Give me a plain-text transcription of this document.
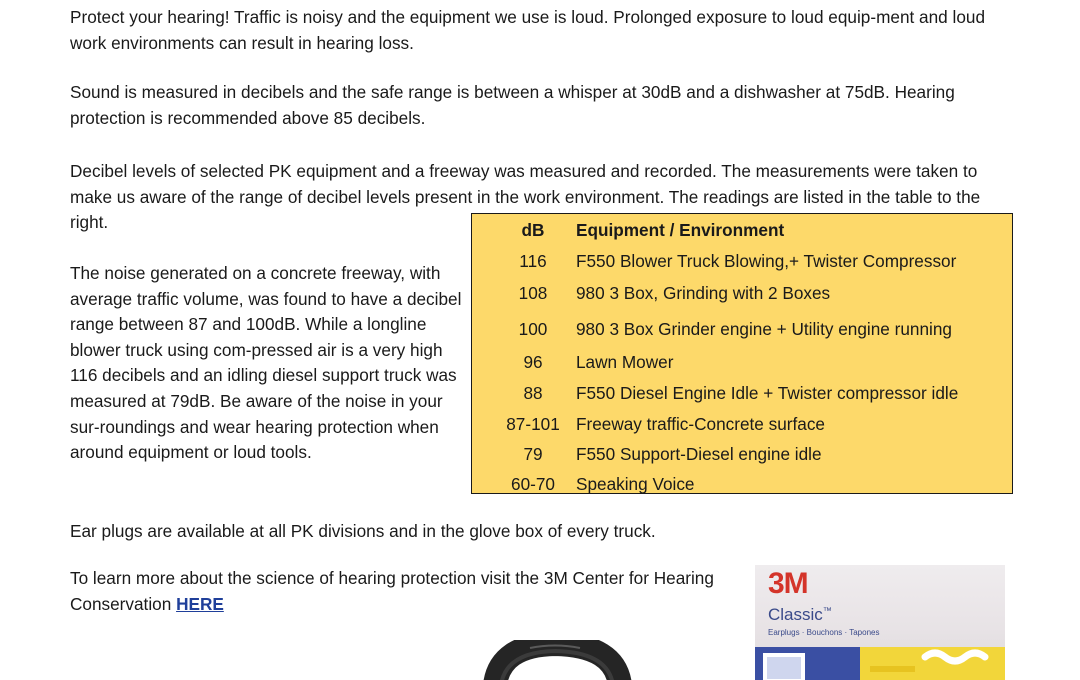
Protect your hearing! Traffic is noisy and the equipment we use is loud. Prolonged exposure to loud equip-ment and loud work environments can result in hearing loss.

Sound is measured in decibels and the safe range is between a whisper at 30dB and a dishwasher at 75dB. Hearing protection is recommended above 85 decibels.

Decibel levels of selected PK equipment and a freeway was measured and recorded. The measurements were taken to make us aware of the range of decibel levels present in the work environment. The readings are listed in the table to the right.

The noise generated on a concrete freeway, with average traffic volume, was found to have a decibel range between 87 and 100dB. While a longline blower truck using com-pressed air is a very high 116 decibels and an idling diesel support truck was measured at 79dB. Be aware of the noise in your sur-roundings and wear hearing protection when around equipment or loud tools.

Ear plugs are available at all PK divisions and in the glove box of every truck.

To learn more about the science of hearing protection visit the 3M Center for Hearing Conservation HERE

dB	Equipment / Environment
116	F550 Blower Truck Blowing,+ Twister Compressor
108	980 3 Box, Grinding with 2 Boxes
100	980 3 Box Grinder engine + Utility engine running
96	Lawn Mower
88	F550 Diesel Engine Idle + Twister compressor idle
87-101 Freeway traffic-Concrete surface
79	F550 Support-Diesel engine idle
60-70	Speaking Voice
3M
Classic™
Earplugs · Bouchons · Tapones
